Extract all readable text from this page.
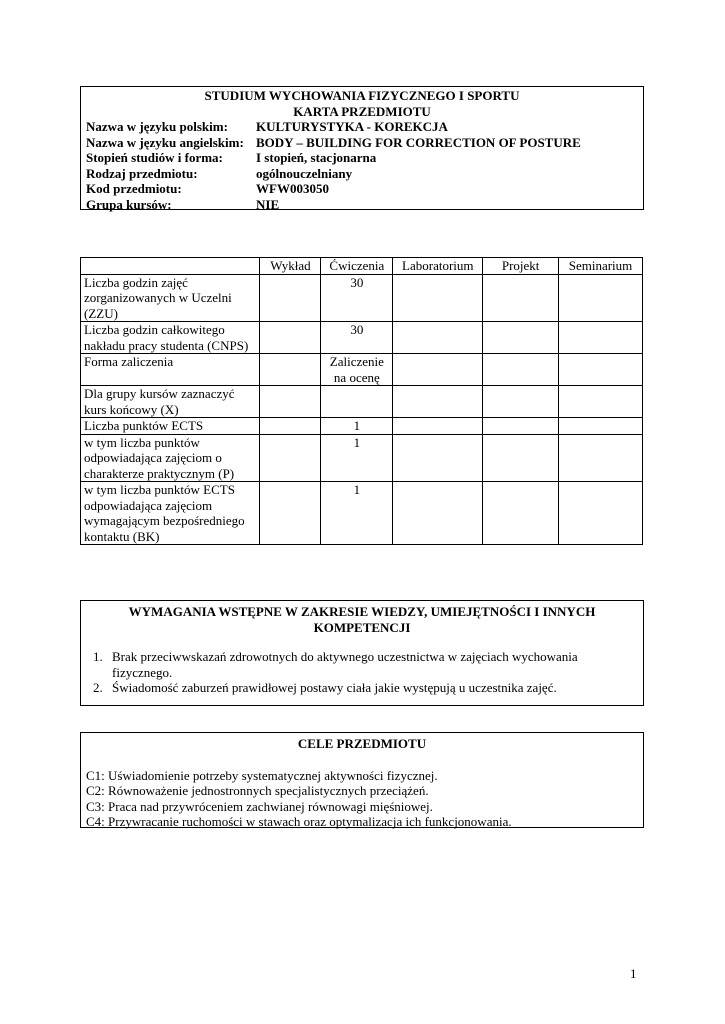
STUDIUM WYCHOWANIA FIZYCZNEGO I SPORTU
KARTA PRZEDMIOTU
Nazwa w języku polskim:	KULTURYSTYKA - KOREKCJA
Nazwa w języku angielskim: BODY – BUILDING FOR CORRECTION OF POSTURE
Stopień studiów i forma:	I stopień, stacjonarna
Rodzaj przedmiotu:	ogólnouczelniany
Kod przedmiotu:	WFW003050
Grupa kursów:	NIE
	Wykład	Ćwiczenia	Laboratorium	Projekt	Seminarium
Liczba godzin zajęć zorganizowanych w Uczelni (ZZU)		30			
Liczba godzin całkowitego nakładu pracy studenta (CNPS)		30			
Forma zaliczenia		Zaliczenie na ocenę			
Dla grupy kursów zaznaczyć kurs końcowy (X)					
Liczba punktów ECTS		1			
w tym liczba punktów odpowiadająca zajęciom o charakterze praktycznym (P)		1			
w tym liczba punktów ECTS odpowiadająca zajęciom wymagającym bezpośredniego kontaktu (BK)		1			
WYMAGANIA WSTĘPNE W ZAKRESIE WIEDZY, UMIEJĘTNOŚCI I INNYCH KOMPETENCJI
1. Brak przeciwwskazań zdrowotnych do aktywnego uczestnictwa w zajęciach wychowania fizycznego.
2. Świadomość zaburzeń prawidłowej postawy ciała jakie występują u uczestnika zajęć.
CELE PRZEDMIOTU
C1: Uświadomienie potrzeby systematycznej aktywności fizycznej.
C2: Równoważenie jednostronnych specjalistycznych przeciążeń.
C3: Praca nad przywróceniem zachwianej równowagi mięśniowej.
C4: Przywracanie ruchomości w stawach oraz optymalizacja ich funkcjonowania.
1
